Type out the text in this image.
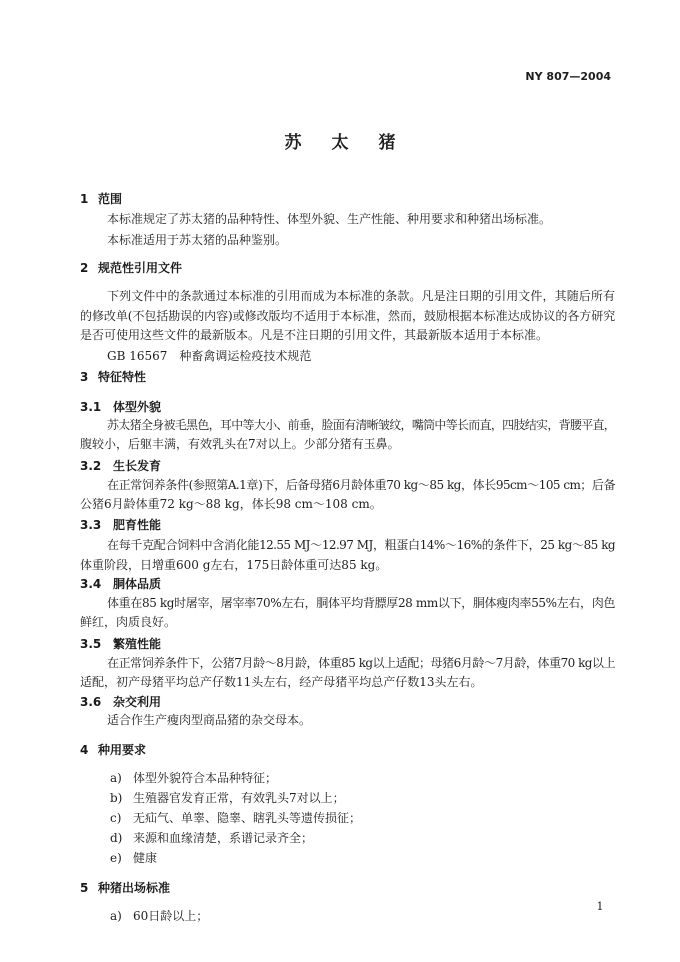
NY 807—2004
苏太猪
1 范围
本标准规定了苏太猪的品种特性、体型外貌、生产性能、种用要求和种猪出场标准。
本标准适用于苏太猪的品种鉴别。
2 规范性引用文件
下列文件中的条款通过本标准的引用而成为本标准的条款。凡是注日期的引用文件，其随后所有
的修改单(不包括勘误的内容)或修改版均不适用于本标准，然而，鼓励根据本标准达成协议的各方研究
是否可使用这些文件的最新版本。凡是不注日期的引用文件，其最新版本适用于本标准。
GB 16567　种畜禽调运检疫技术规范
3 特征特性
3.1 体型外貌
苏太猪全身被毛黑色，耳中等大小、前垂，脸面有清晰皱纹，嘴筒中等长而直，四肢结实，背腰平直，
腹较小，后躯丰满，有效乳头在7对以上。少部分猪有玉鼻。
3.2 生长发育
在正常饲养条件(参照第A.1章)下，后备母猪6月龄体重70 kg～85 kg，体长95cm～105 cm；后备
公猪6月龄体重72 kg～88 kg，体长98 cm～108 cm。
3.3 肥育性能
在每千克配合饲料中含消化能12.55 MJ～12.97 MJ，粗蛋白14%～16%的条件下，25 kg～85 kg
体重阶段，日增重600 g左右，175日龄体重可达85 kg。
3.4 胴体品质
体重在85 kg时屠宰，屠宰率70%左右，胴体平均背膘厚28 mm以下，胴体瘦肉率55%左右，肉色
鲜红，肉质良好。
3.5 繁殖性能
在正常饲养条件下，公猪7月龄～8月龄，体重85 kg以上适配；母猪6月龄～7月龄，体重70 kg以上
适配，初产母猪平均总产仔数11头左右，经产母猪平均总产仔数13头左右。
3.6 杂交利用
适合作生产瘦肉型商品猪的杂交母本。
4 种用要求
a) 体型外貌符合本品种特征；
b) 生殖器官发育正常，有效乳头7对以上；
c) 无疝气、单睾、隐睾、瞎乳头等遗传损征；
d) 来源和血缘清楚，系谱记录齐全；
e) 健康
5 种猪出场标准
a) 60日龄以上；
1
